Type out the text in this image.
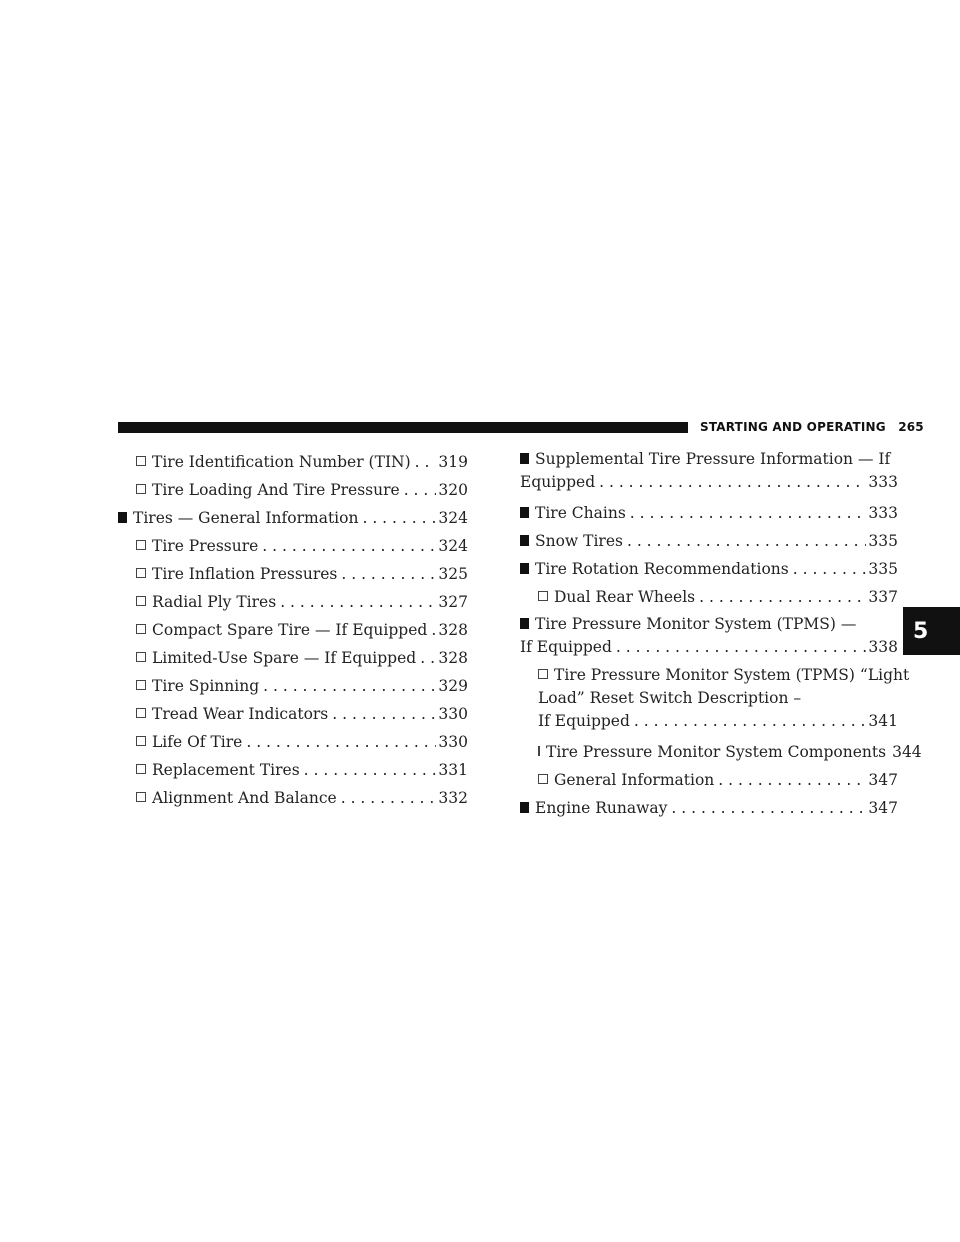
STARTING AND OPERATING 265
5
Tire Identification Number (TIN) . . . 319
Tire Loading And Tire Pressure . . . 320
Tires — General Information . . .	324
Tire Pressure . . .	324
Tire Inflation Pressures . . .	325
Radial Ply Tires . . .	327
Compact Spare Tire — If Equipped . . . 328
Limited-Use Spare — If Equipped . . . 328
Tire Spinning . . .	329
Tread Wear Indicators . . .	330
Life Of Tire . . .	330
Replacement Tires . . .	331
Alignment And Balance . . .	332
Supplemental Tire Pressure Information — If
Equipped . . .	333
Tire Chains . . .	333
Snow Tires . . .	335
Tire Rotation Recommendations . . .	335
Dual Rear Wheels . . .	337
Tire Pressure Monitor System (TPMS) —
If Equipped . . .	338
Tire Pressure Monitor System (TPMS) “Light
Load” Reset Switch Description –
If Equipped . . .	341
Tire Pressure Monitor System Components 344
General Information . . .	347
Engine Runaway . . .	347
